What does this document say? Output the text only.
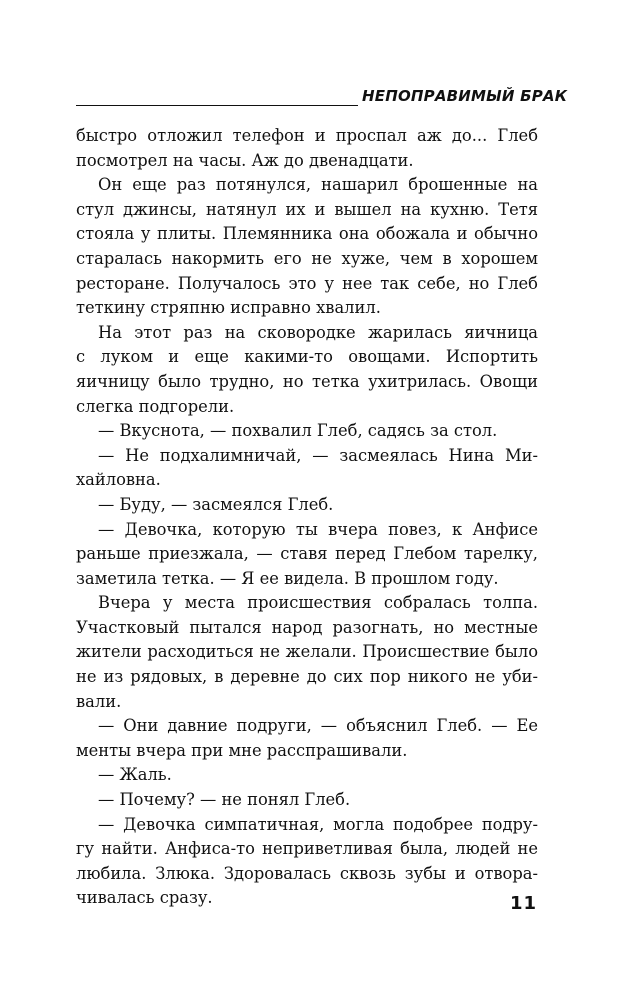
НЕПОПРАВИМЫЙ БРАК
быстро отложил телефон и проспал аж до... Глеб
посмотрел на часы. Аж до двенадцати.
Он еще раз потянулся, нашарил брошенные на
стул джинсы, натянул их и вышел на кухню. Тетя
стояла у плиты. Племянника она обожала и обычно
старалась накормить его не хуже, чем в хорошем
ресторане. Получалось это у нее так себе, но Глеб
теткину стряпню исправно хвалил.
На этот раз на сковородке жарилась яичница
с луком и еще какими-то овощами. Испортить
яичницу было трудно, но тетка ухитрилась. Овощи
слегка подгорели.
— Вкуснота, — похвалил Глеб, садясь за стол.
— Не подхалимничай, — засмеялась Нина Ми-
хайловна.
— Буду, — засмеялся Глеб.
— Девочка, которую ты вчера повез, к Анфисе
раньше приезжала, — ставя перед Глебом тарелку,
заметила тетка. — Я ее видела. В прошлом году.
Вчера у места происшествия собралась толпа.
Участковый пытался народ разогнать, но местные
жители расходиться не желали. Происшествие было
не из рядовых, в деревне до сих пор никого не уби-
вали.
— Они давние подруги, — объяснил Глеб. — Ее
менты вчера при мне расспрашивали.
— Жаль.
— Почему? — не понял Глеб.
— Девочка симпатичная, могла подобрее подру-
гу найти. Анфиса-то неприветливая была, людей не
любила. Злюка. Здоровалась сквозь зубы и отвора-
чивалась сразу.	11
